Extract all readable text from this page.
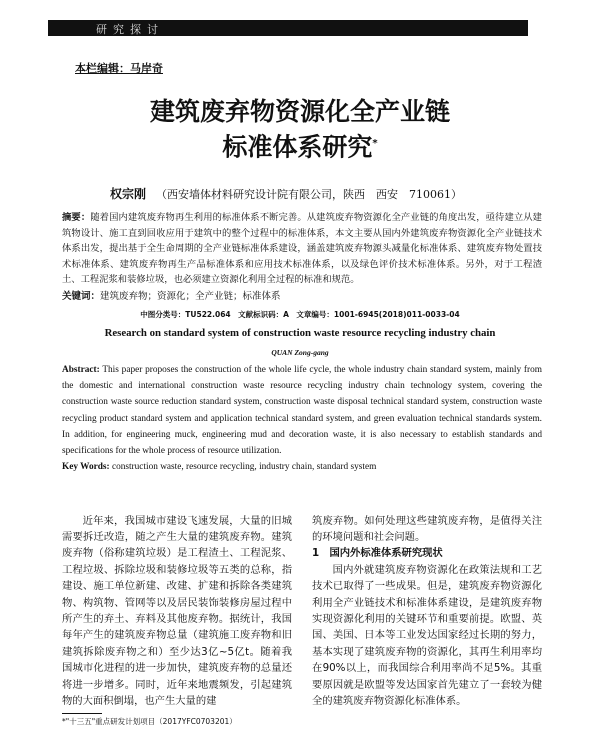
研究探讨
本栏编辑：马岸奇
建筑废弃物资源化全产业链
标准体系研究*
权宗刚 （西安墙体材料研究设计院有限公司，陕西　西安　710061）
摘要：随着国内建筑废弃物再生利用的标准体系不断完善。从建筑废弃物资源化全产业链的角度出发，亟待建立从建筑物设计、施工直到回收应用于建筑中的整个过程中的标准体系，本文主要从国内外建筑废弃物资源化全产业链技术体系出发，提出基于全生命周期的全产业链标准体系建设，涵盖建筑废弃物源头减量化标准体系、建筑废弃物处置技术标准体系、建筑废弃物再生产品标准体系和应用技术标准体系，以及绿色评价技术标准体系。另外，对于工程渣土、工程泥浆和装修垃圾，也必须建立资源化利用全过程的标准和规范。
关键词：建筑废弃物；资源化；全产业链；标准体系
中图分类号：TU522.064　文献标识码：A　文章编号：1001-6945(2018)011-0033-04
Research on standard system of construction waste resource recycling industry chain
QUAN Zong-gang
Abstract: This paper proposes the construction of the whole life cycle, the whole industry chain standard system, mainly from the domestic and international construction waste resource recycling industry chain technology system, covering the construction waste source reduction standard system, construction waste disposal technical standard system, construction waste recycling product standard system and application technical standard system, and green evaluation technical standards system. In addition, for engineering muck, engineering mud and decoration waste, it is also necessary to establish standards and specifications for the whole process of resource utilization.
Key Words: construction waste, resource recycling, industry chain, standard system

近年来，我国城市建设飞速发展，大量的旧城需要拆迁改造，随之产生大量的建筑废弃物。建筑废弃物（俗称建筑垃圾）是工程渣土、工程泥浆、工程垃圾、拆除垃圾和装修垃圾等五类的总称，指建设、施工单位新建、改建、扩建和拆除各类建筑物、构筑物、管网等以及居民装饰装修房屋过程中所产生的弃土、弃料及其他废弃物。据统计，我国每年产生的建筑废弃物总量（建筑施工废弃物和旧建筑拆除废弃物之和）至少达3亿~5亿t。随着我国城市化进程的进一步加快，建筑废弃物的总量还将进一步增多。同时，近年来地震频发，引起建筑物的大面积倒塌，也产生大量的建

*"十三五"重点研发计划项目（2017YFC0703201）

筑废弃物。如何处理这些建筑废弃物，是值得关注的环境问题和社会问题。

1　国内外标准体系研究现状

国内外就建筑废弃物资源化在政策法规和工艺技术已取得了一些成果。但是，建筑废弃物资源化利用全产业链技术和标准体系建设，是建筑废弃物实现资源化利用的关键环节和重要前提。欧盟、英国、美国、日本等工业发达国家经过长期的努力，基本实现了建筑废弃物的资源化，其再生利用率均在90%以上，而我国综合利用率尚不足5%。其重要原因就是欧盟等发达国家首先建立了一套较为健全的建筑废弃物资源化标准体系。
